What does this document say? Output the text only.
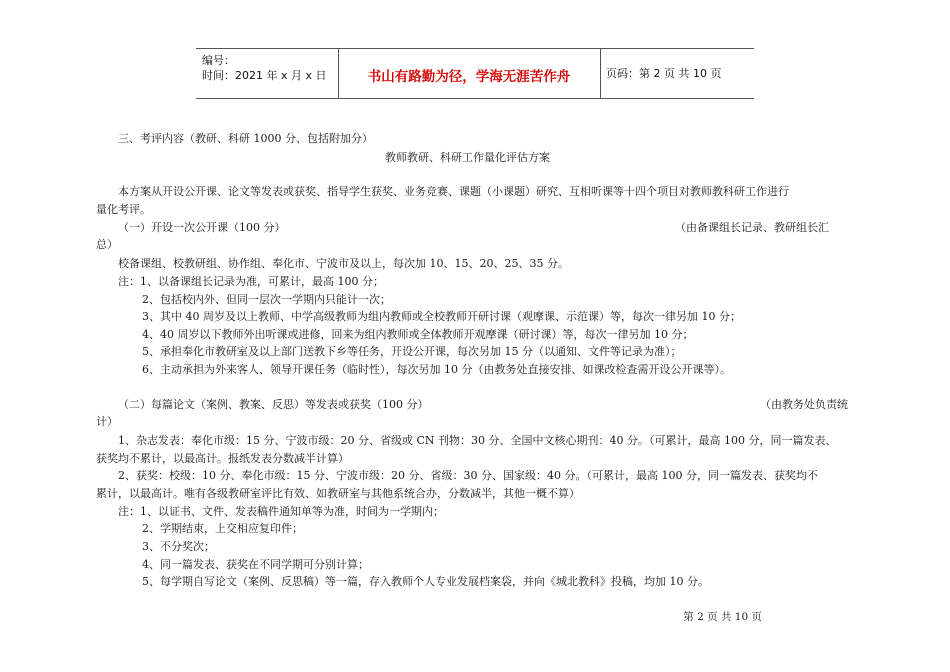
编号：
时间：2021 年 x 月 x 日	书山有路勤为径，学海无涯苦作舟	页码：第 2 页 共 10 页
三、考评内容（教研、科研 1000 分、包括附加分）
教师教研、科研工作量化评估方案
本方案从开设公开课、论文等发表或获奖、指导学生获奖、业务竞赛、课题（小课题）研究、互相听课等十四个项目对教师教科研工作进行
量化考评。
（一）开设一次公开课（100 分）	（由备课组长记录、教研组长汇
总）
校备课组、校教研组、协作组、奉化市、宁波市及以上，每次加 10、15、20、25、35 分。
注：1、以备课组长记录为准，可累计，最高 100 分；
2、包括校内外、但同一层次一学期内只能计一次；
3、其中 40 周岁及以上教师、中学高级教师为组内教师或全校教师开研讨课（观摩课、示范课）等，每次一律另加 10 分；
4、40 周岁以下教师外出听课或进修，回来为组内教师或全体教师开观摩课（研讨课）等，每次一律另加 10 分；
5、承担奉化市教研室及以上部门送教下乡等任务，开设公开课，每次另加 15 分（以通知、文件等记录为准）；
6、主动承担为外来客人、领导开课任务（临时性），每次另加 10 分（由教务处直接安排、如课改检查需开设公开课等）。
（二）每篇论文（案例、教案、反思）等发表或获奖（100 分）	（由教务处负责统
计）
1、杂志发表：奉化市级：15 分、宁波市级：20 分、省级或 CN 刊物：30 分、全国中文核心期刊：40 分。（可累计，最高 100 分，同一篇发表、
获奖均不累计，以最高计。报纸发表分数减半计算）
2、获奖：校级：10 分、奉化市级：15 分、宁波市级：20 分、省级：30 分、国家级：40 分。（可累计，最高 100 分，同一篇发表、获奖均不
累计，以最高计。唯有各级教研室评比有效、如教研室与其他系统合办，分数减半，其他一概不算）
注：1、以证书、文件、发表稿件通知单等为准，时间为一学期内；
2、学期结束，上交相应复印件；
3、不分奖次；
4、同一篇发表、获奖在不同学期可分别计算；
5、每学期自写论文（案例、反思稿）等一篇，存入教师个人专业发展档案袋，并向《城北教科》投稿，均加 10 分。
第 2 页 共 10 页
